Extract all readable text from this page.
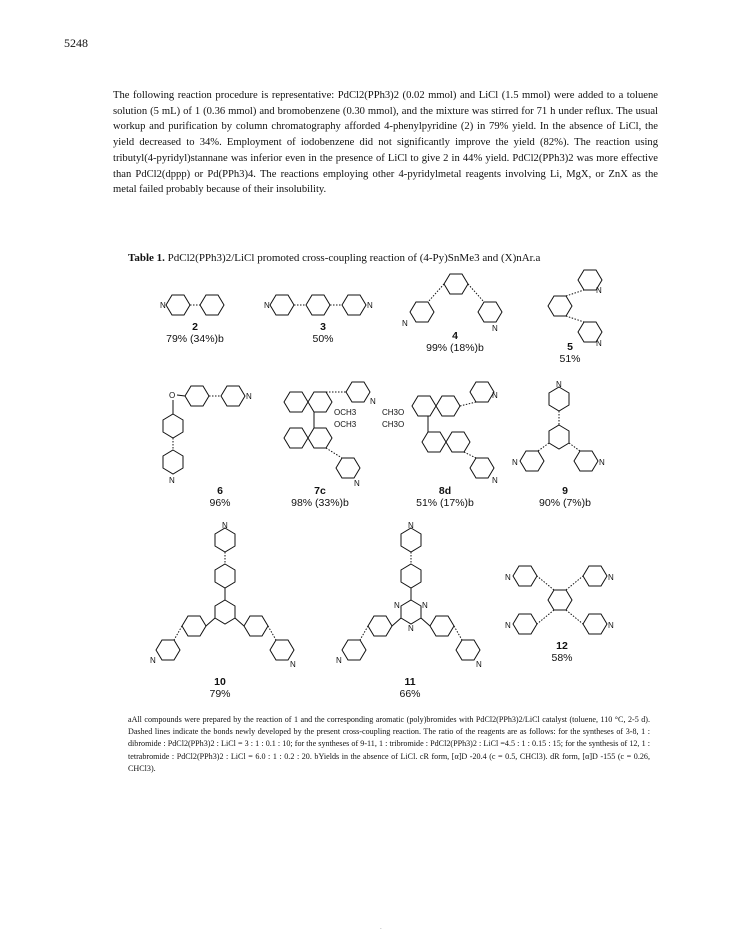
5248
The following reaction procedure is representative: PdCl2(PPh3)2 (0.02 mmol) and LiCl (1.5 mmol) were added to a toluene solution (5 mL) of 1 (0.36 mmol) and bromobenzene (0.30 mmol), and the mixture was stirred for 71 h under reflux. The usual workup and purification by column chromatography afforded 4-phenylpyridine (2) in 79% yield. In the absence of LiCl, the yield decreased to 34%. Employment of iodobenzene did not significantly improve the yield (82%). The reaction using tributyl(4-pyridyl)stannane was inferior even in the presence of LiCl to give 2 in 44% yield. PdCl2(PPh3)2 was more effective than PdCl2(dppp) or Pd(PPh3)4. The reactions employing other 4-pyridylmetal reagents involving Li, MgX, or ZnX as the metal failed probably because of their insolubility.
Table 1. PdCl2(PPh3)2/LiCl promoted cross-coupling reaction of (4-Py)SnMe3 and (X)nAr.a
N
2
79% (34%)b
N	N
3
50%
N
N
4
99% (18%)b
N
N
5
51%
O	N
N
6
96%
OCH3
OCH3
N
N
7c
98% (33%)b
CH3O
CH3O
N
N
8d
51% (17%)b
N
N	N
9
90% (7%)b
N
N	N
10
79%
N
N	N
N
N	N
11
66%
N	N
N	N
12
58%
aAll compounds were prepared by the reaction of 1 and the corresponding aromatic (poly)bromides with PdCl2(PPh3)2/LiCl catalyst (toluene, 110 °C, 2-5 d). Dashed lines indicate the bonds newly developed by the present cross-coupling reaction. The ratio of the reagents are as follows: for the syntheses of 3-8, 1 : dibromide : PdCl2(PPh3)2 : LiCl = 3 : 1 : 0.1 : 10; for the syntheses of 9-11, 1 : tribromide : PdCl2(PPh3)2 : LiCl =4.5 : 1 : 0.15 : 15; for the synthesis of 12, 1 : tetrabromide : PdCl2(PPh3)2 : LiCl = 6.0 : 1 : 0.2 : 20. bYields in the absence of LiCl. cR form, [α]D -20.4 (c = 0.5, CHCl3). dR form, [α]D -155 (c = 0.26, CHCl3).
.
